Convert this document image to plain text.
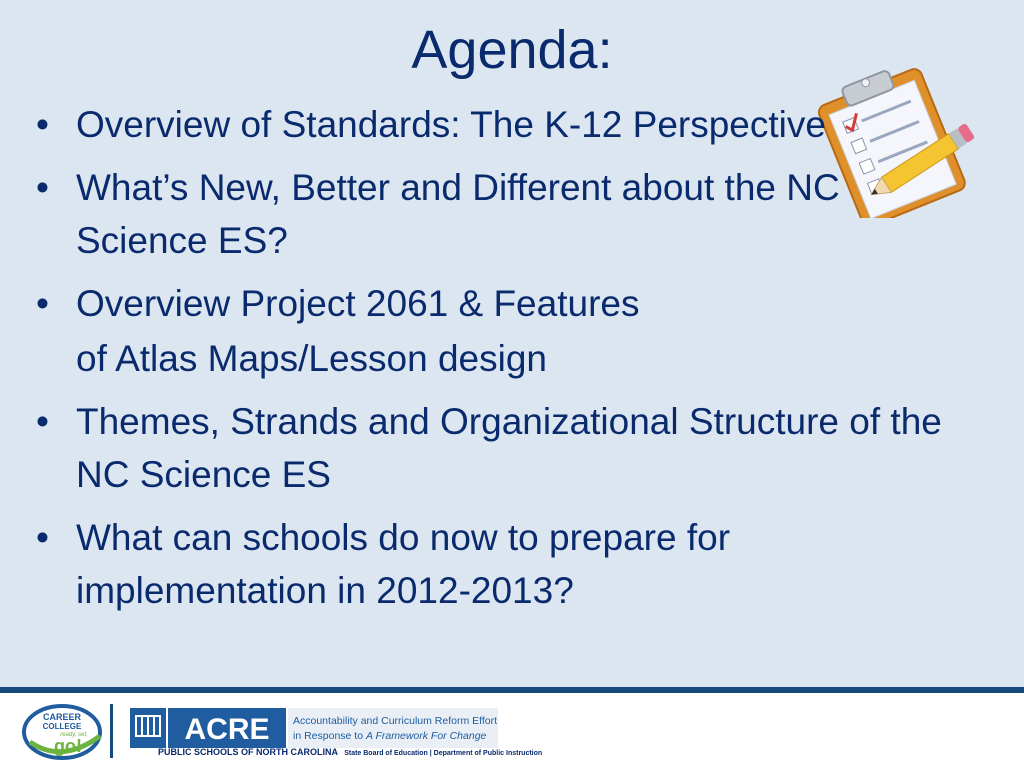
Agenda:
• Overview of Standards: The K-12 Perspective
• What’s New, Better and Different about the NC Science ES?
• Overview Project 2061 & Features
of Atlas Maps/Lesson design
• Themes, Strands and Organizational Structure of the NC Science ES
• What can schools do now to prepare for implementation in 2012-2013?
CAREER
COLLEGE
ready, set,
go!	ACRE Accountability and Curriculum Reform Effort
in Response to A Framework For Change
PUBLIC SCHOOLS OF NORTH CAROLINA State Board of Education | Department of Public Instruction
